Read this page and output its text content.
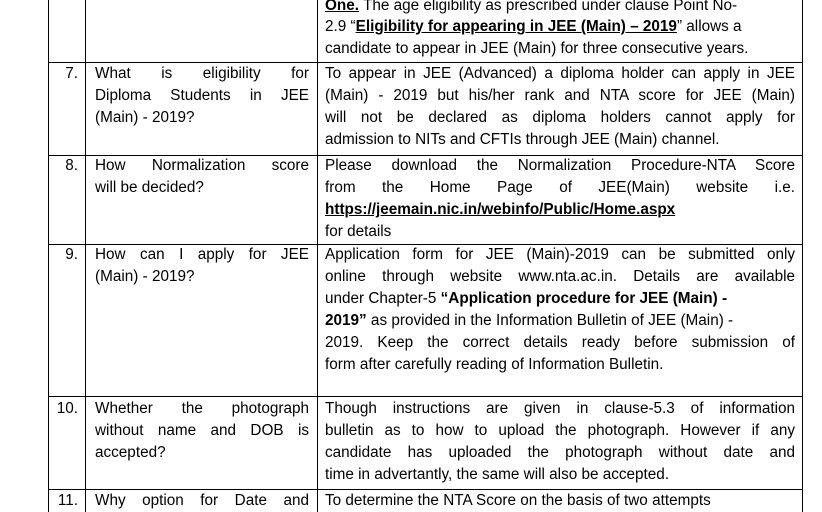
One. The age eligibility as prescribed under clause Point No-
2.9 “Eligibility for appearing in JEE (Main) – 2019” allows a
candidate to appear in JEE (Main) for three consecutive years.
7. What is eligibility for
Diploma Students in JEE
(Main) - 2019?
To appear in JEE (Advanced) a diploma holder can apply in JEE
(Main) - 2019 but his/her rank and NTA score for JEE (Main)
will not be declared as diploma holders cannot apply for
admission to NITs and CFTIs through JEE (Main) channel.
8. How Normalization score
will be decided?
Please download the Normalization Procedure-NTA Score
from the Home Page of JEE(Main) website i.e.
https://jeemain.nic.in/webinfo/Public/Home.aspx
for details
9. How can I apply for JEE
(Main) - 2019?
Application form for JEE (Main)-2019 can be submitted only
online through website www.nta.ac.in. Details are available
under Chapter-5 “Application procedure for JEE (Main) -
2019” as provided in the Information Bulletin of JEE (Main) -
2019. Keep the correct details ready before submission of
form after carefully reading of Information Bulletin.
10. Whether the photograph
without name and DOB is
accepted?
Though instructions are given in clause-5.3 of information
bulletin as to how to upload the photograph. However if any
candidate has uploaded the photograph without date and
time in advertantly, the same will also be accepted.
11. Why option for Date and To determine the NTA Score on the basis of two attempts
